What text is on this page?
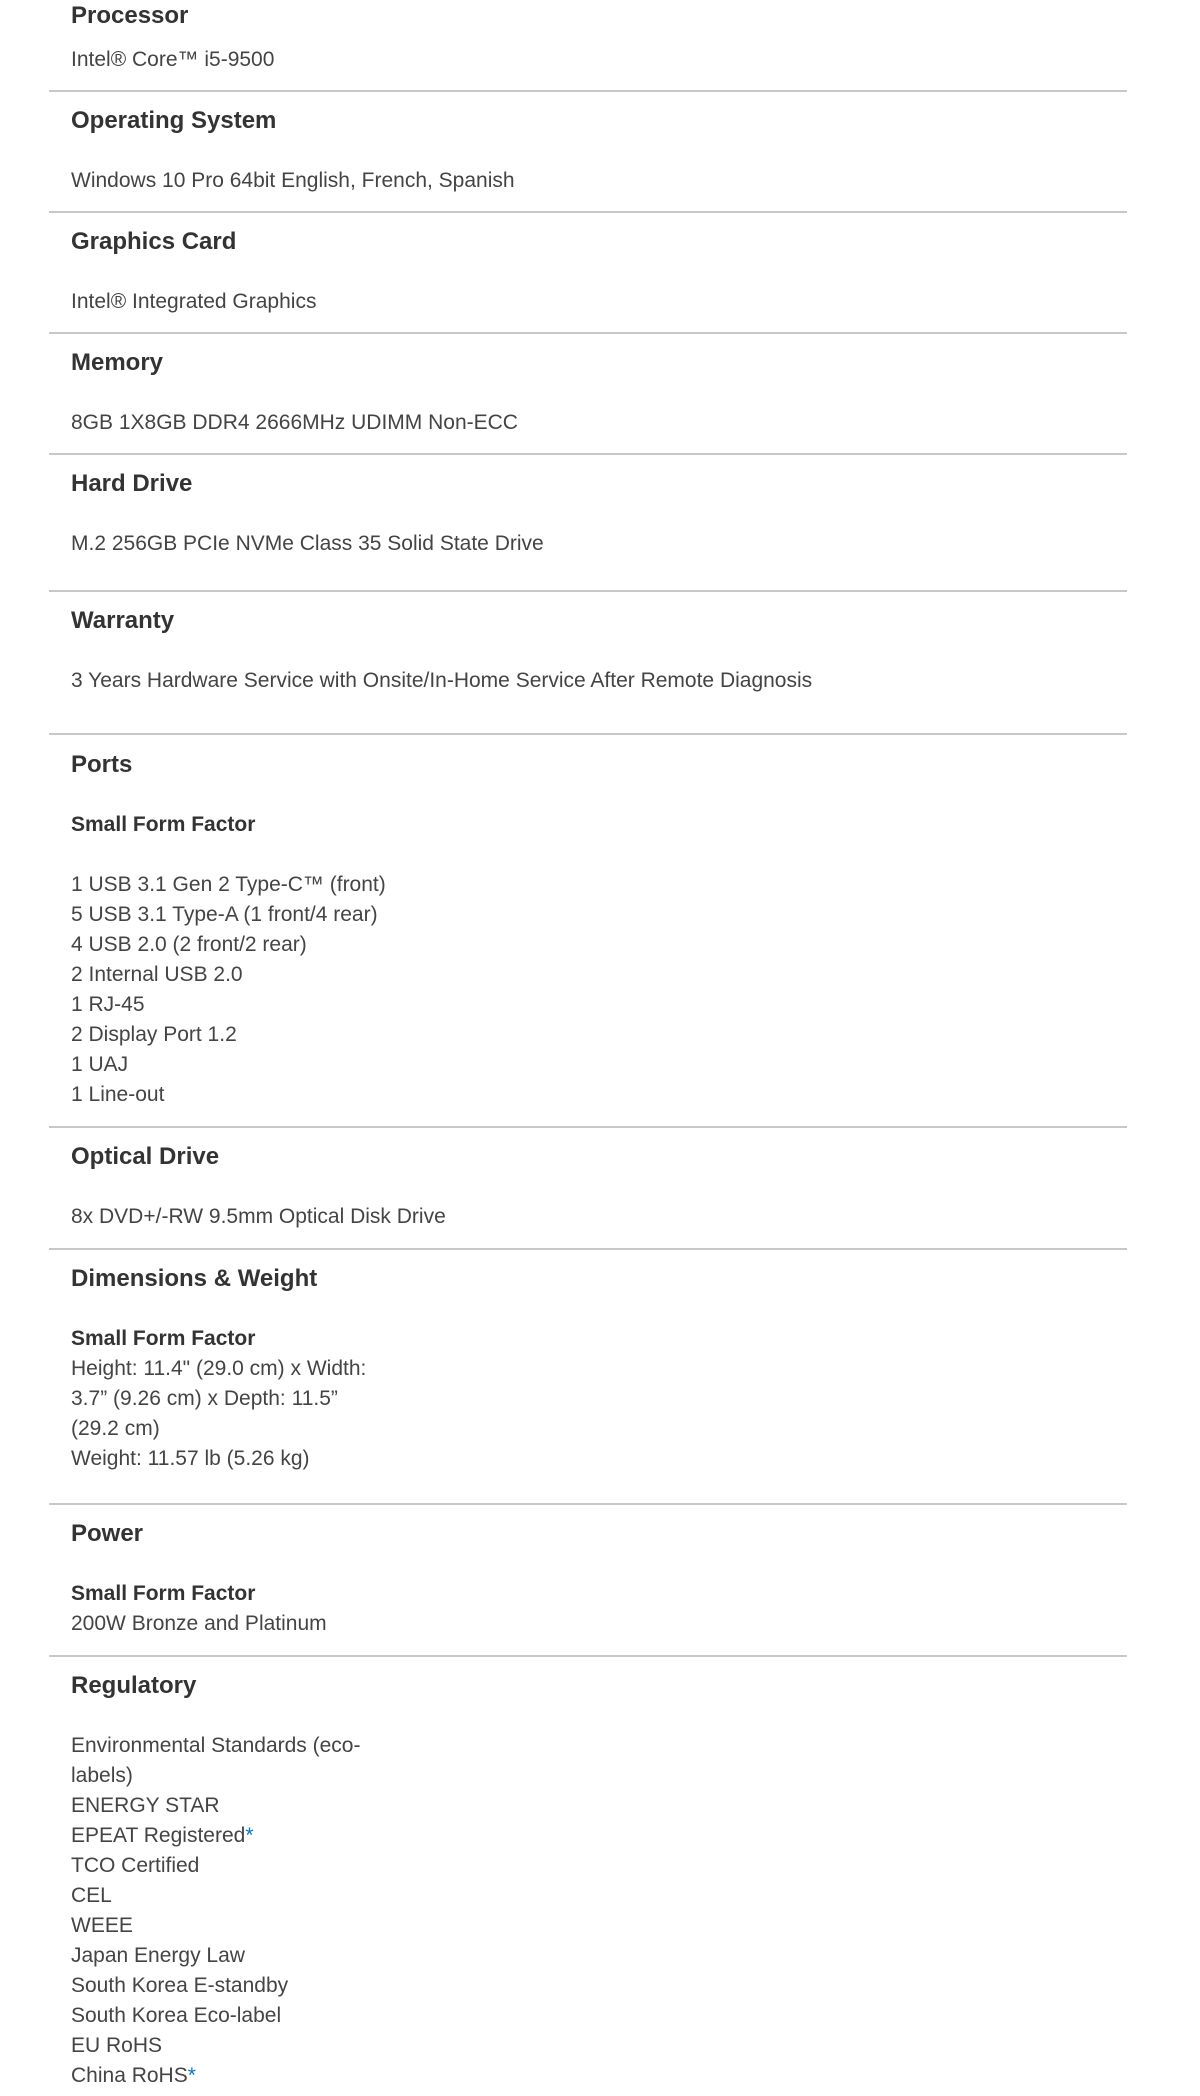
Processor
Intel® Core™ i5-9500
Operating System
Windows 10 Pro 64bit English, French, Spanish
Graphics Card
Intel® Integrated Graphics
Memory
8GB 1X8GB DDR4 2666MHz UDIMM Non-ECC
Hard Drive
M.2 256GB PCIe NVMe Class 35 Solid State Drive
Warranty
3 Years Hardware Service with Onsite/In-Home Service After Remote Diagnosis
Ports
Small Form Factor
1 USB 3.1 Gen 2 Type-C™ (front)
5 USB 3.1 Type-A (1 front/4 rear)
4 USB 2.0 (2 front/2 rear)
2 Internal USB 2.0
1 RJ-45
2 Display Port 1.2
1 UAJ
1 Line-out
Optical Drive
8x DVD+/-RW 9.5mm Optical Disk Drive
Dimensions & Weight
Small Form Factor
Height: 11.4" (29.0 cm) x Width: 3.7” (9.26 cm) x Depth: 11.5” (29.2 cm)
Weight: 11.57 lb (5.26 kg)
Power
Small Form Factor
200W Bronze and Platinum
Regulatory
Environmental Standards (eco-labels)
ENERGY STAR
EPEAT Registered*
TCO Certified
CEL
WEEE
Japan Energy Law
South Korea E-standby
South Korea Eco-label
EU RoHS
China RoHS*
